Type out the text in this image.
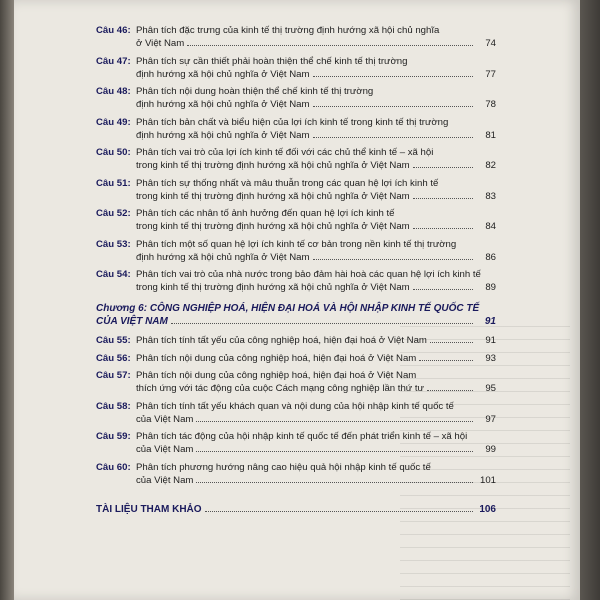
Câu 46: Phân tích đặc trưng của kinh tế thị trường định hướng xã hội chủ nghĩa
ở Việt Nam	74
Câu 47: Phân tích sự cần thiết phải hoàn thiện thể chế kinh tế thị trường
định hướng xã hội chủ nghĩa ở Việt Nam	77
Câu 48: Phân tích nội dung hoàn thiện thể chế kinh tế thị trường
định hướng xã hội chủ nghĩa ở Việt Nam	78
Câu 49: Phân tích bản chất và biểu hiện của lợi ích kinh tế trong kinh tế thị trường
định hướng xã hội chủ nghĩa ở Việt Nam	81
Câu 50: Phân tích vai trò của lợi ích kinh tế đối với các chủ thể kinh tế – xã hội
trong kinh tế thị trường định hướng xã hội chủ nghĩa ở Việt Nam	82
Câu 51: Phân tích sự thống nhất và mâu thuẫn trong các quan hệ lợi ích kinh tế
trong kinh tế thị trường định hướng xã hội chủ nghĩa ở Việt Nam	83
Câu 52: Phân tích các nhân tố ảnh hưởng đến quan hệ lợi ích kinh tế
trong kinh tế thị trường định hướng xã hội chủ nghĩa ở Việt Nam	84
Câu 53: Phân tích một số quan hệ lợi ích kinh tế cơ bản trong nền kinh tế thị trường
định hướng xã hội chủ nghĩa ở Việt Nam	86
Câu 54: Phân tích vai trò của nhà nước trong bảo đảm hài hoà các quan hệ lợi ích kinh tế
trong kinh tế thị trường định hướng xã hội chủ nghĩa ở Việt Nam	89
Chương 6: CÔNG NGHIỆP HOÁ, HIỆN ĐẠI HOÁ VÀ HỘI NHẬP KINH TẾ QUỐC TẾ
CỦA VIỆT NAM	91
Câu 55: Phân tích tính tất yếu của công nghiệp hoá, hiện đại hoá ở Việt Nam	91
Câu 56: Phân tích nội dung của công nghiệp hoá, hiện đại hoá ở Việt Nam	93
Câu 57: Phân tích nội dung của công nghiệp hoá, hiện đại hoá ở Việt Nam
thích ứng với tác động của cuộc Cách mạng công nghiệp lần thứ tư	95
Câu 58: Phân tích tính tất yếu khách quan và nội dung của hội nhập kinh tế quốc tế
của Việt Nam	97
Câu 59: Phân tích tác động của hội nhập kinh tế quốc tế đến phát triển kinh tế – xã hội
của Việt Nam	99
Câu 60: Phân tích phương hướng nâng cao hiệu quả hội nhập kinh tế quốc tế
của Việt Nam	101
TÀI LIỆU THAM KHẢO	106
